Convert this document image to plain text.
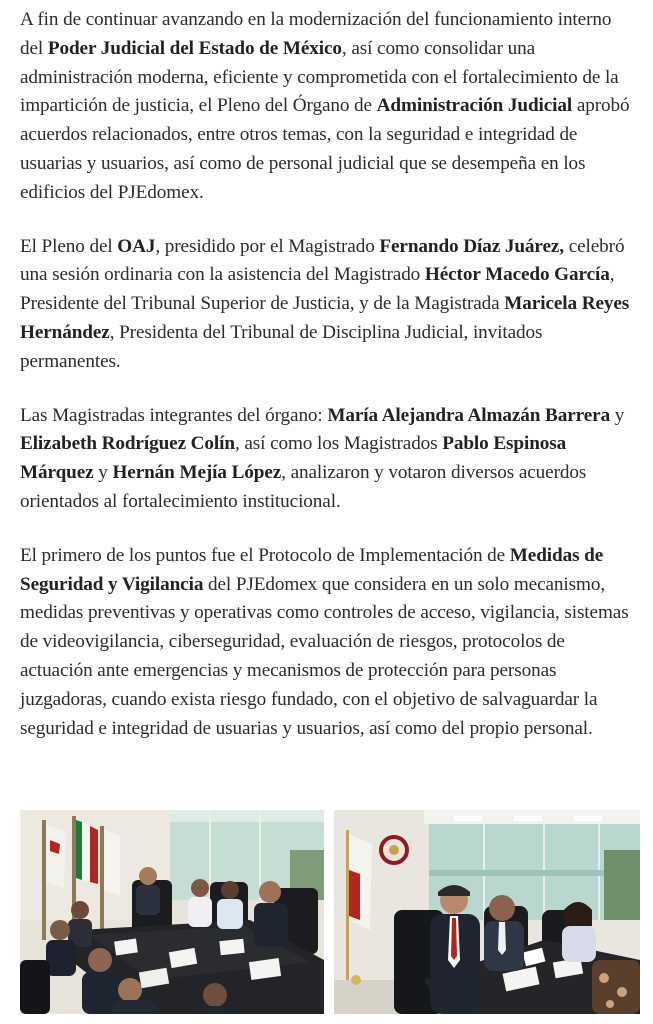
A fin de continuar avanzando en la modernización del funcionamiento interno del Poder Judicial del Estado de México, así como consolidar una administración moderna, eficiente y comprometida con el fortalecimiento de la impartición de justicia, el Pleno del Órgano de Administración Judicial aprobó acuerdos relacionados, entre otros temas, con la seguridad e integridad de usuarias y usuarios, así como de personal judicial que se desempeña en los edificios del PJEdomex.

El Pleno del OAJ, presidido por el Magistrado Fernando Díaz Juárez, celebró una sesión ordinaria con la asistencia del Magistrado Héctor Macedo García, Presidente del Tribunal Superior de Justicia, y de la Magistrada Maricela Reyes Hernández, Presidenta del Tribunal de Disciplina Judicial, invitados permanentes.

Las Magistradas integrantes del órgano: María Alejandra Almazán Barrera y Elizabeth Rodríguez Colín, así como los Magistrados Pablo Espinosa Márquez y Hernán Mejía López, analizaron y votaron diversos acuerdos orientados al fortalecimiento institucional.

El primero de los puntos fue el Protocolo de Implementación de Medidas de Seguridad y Vigilancia del PJEdomex que considera en un solo mecanismo, medidas preventivas y operativas como controles de acceso, vigilancia, sistemas de videovigilancia, ciberseguridad, evaluación de riesgos, protocolos de actuación ante emergencias y mecanismos de protección para personas juzgadoras, cuando exista riesgo fundado, con el objetivo de salvaguardar la seguridad e integridad de usuarias y usuarios, así como del propio personal.
